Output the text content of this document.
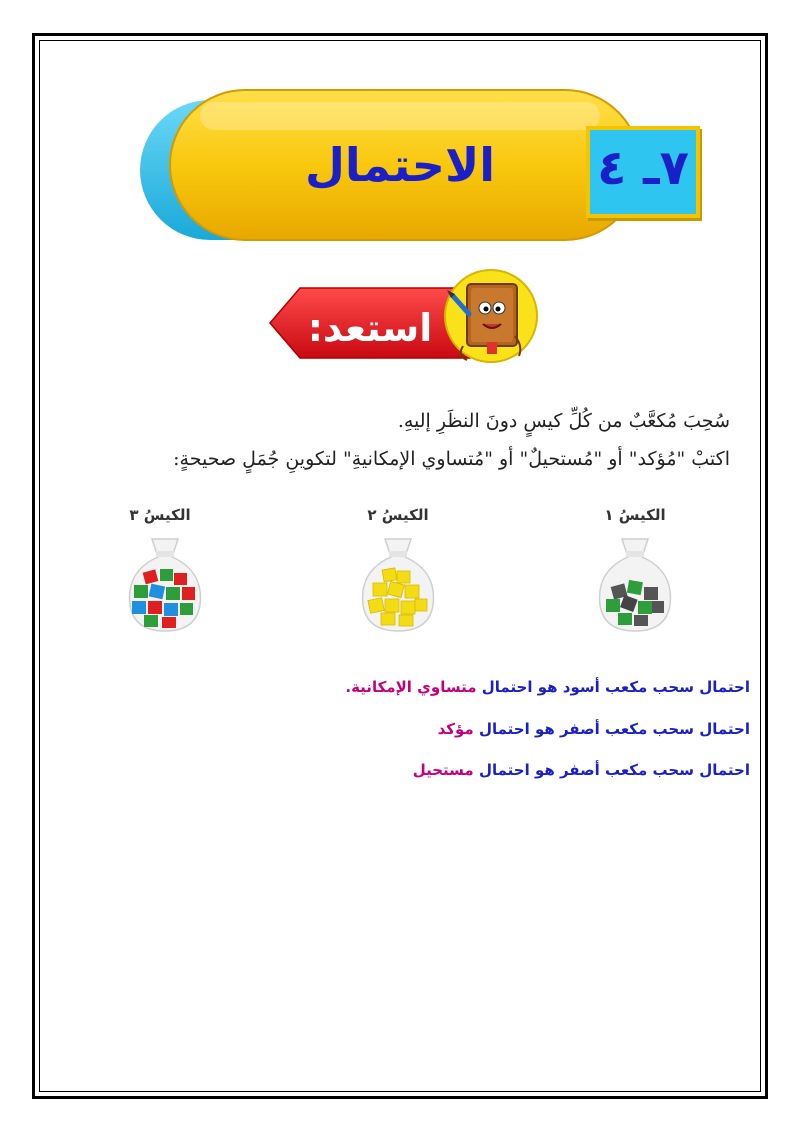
الاحتمال	٧ـ ٤
استعد:
سُحِبَ مُكعَّبٌ من كُلِّ كيسٍ دونَ النظَرِ إليهِ.
اكتبْ "مُؤكد" أو "مُستحيلٌ" أو "مُتساوي الإمكانيةِ" لتكوينِ جُمَلٍ صحيحةٍ:
الكيسُ ١
الكيسُ ٢
الكيسُ ٣
احتمال سحب مكعب أسود هو احتمال متساوي الإمكانية.
احتمال سحب مكعب أصفر هو احتمال مؤكد
احتمال سحب مكعب أصفر هو احتمال مستحيل
